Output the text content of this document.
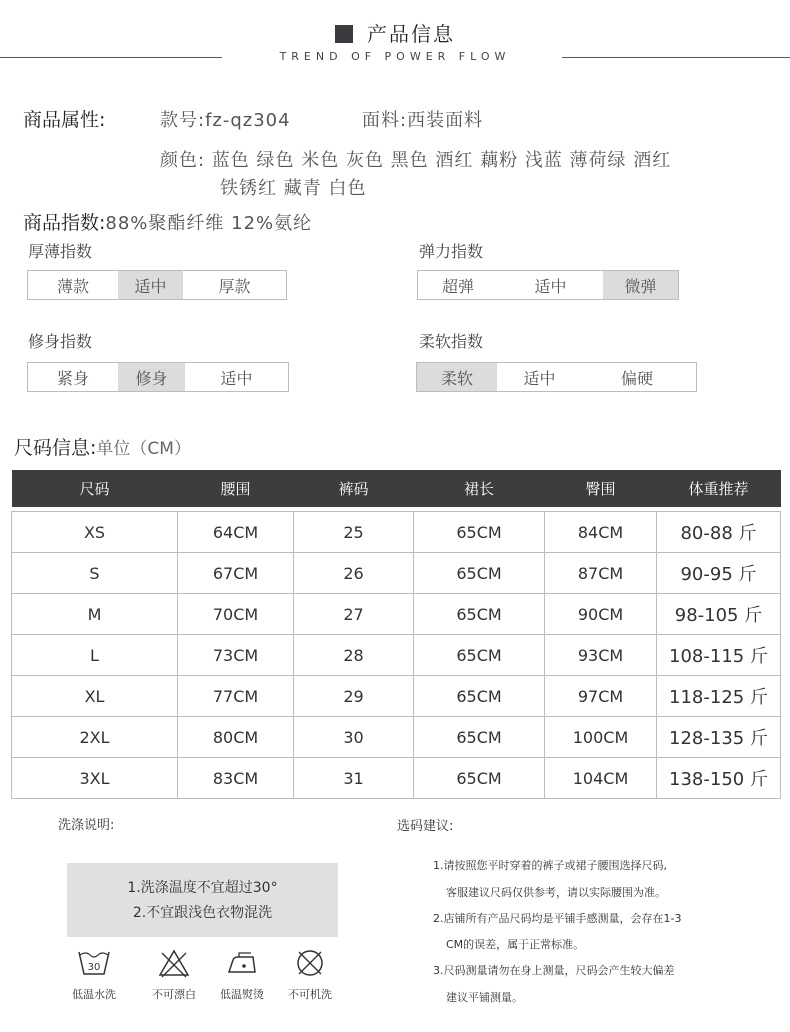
产品信息
TREND OF POWER FLOW
商品属性:	款号:fz-qz304	面料:西装面料
颜色: 蓝色 绿色 米色 灰色 黑色 酒红 藕粉 浅蓝 薄荷绿 酒红
铁锈红 藏青 白色
商品指数:88%聚酯纤维 12%氨纶
厚薄指数
薄款	适中	厚款
弹力指数
超弹	适中	微弹
修身指数
紧身	修身	适中
柔软指数
柔软	适中	偏硬
尺码信息:单位（CM）
尺码	腰围	裤码	裙长	臀围	体重推荐

XS	64CM	25	65CM	84CM	80-88 斤
S	67CM	26	65CM	87CM	90-95 斤
M	70CM	27	65CM	90CM	98-105 斤
L	73CM	28	65CM	93CM	108-115 斤
XL	77CM	29	65CM	97CM	118-125 斤
2XL	80CM	30	65CM	100CM	128-135 斤
3XL	83CM	31	65CM	104CM	138-150 斤
洗涤说明:
1.洗涤温度不宜超过30°
2.不宜跟浅色衣物混洗
30
低温水洗	不可漂白	低温熨烫	不可机洗
选码建议:
1.请按照您平时穿着的裤子或裙子腰围选择尺码,
客服建议尺码仅供参考，请以实际腰围为准。
2.店铺所有产品尺码均是平铺手感测量，会存在1-3
CM的误差，属于正常标准。
3.尺码测量请勿在身上测量，尺码会产生较大偏差
建议平铺测量。
